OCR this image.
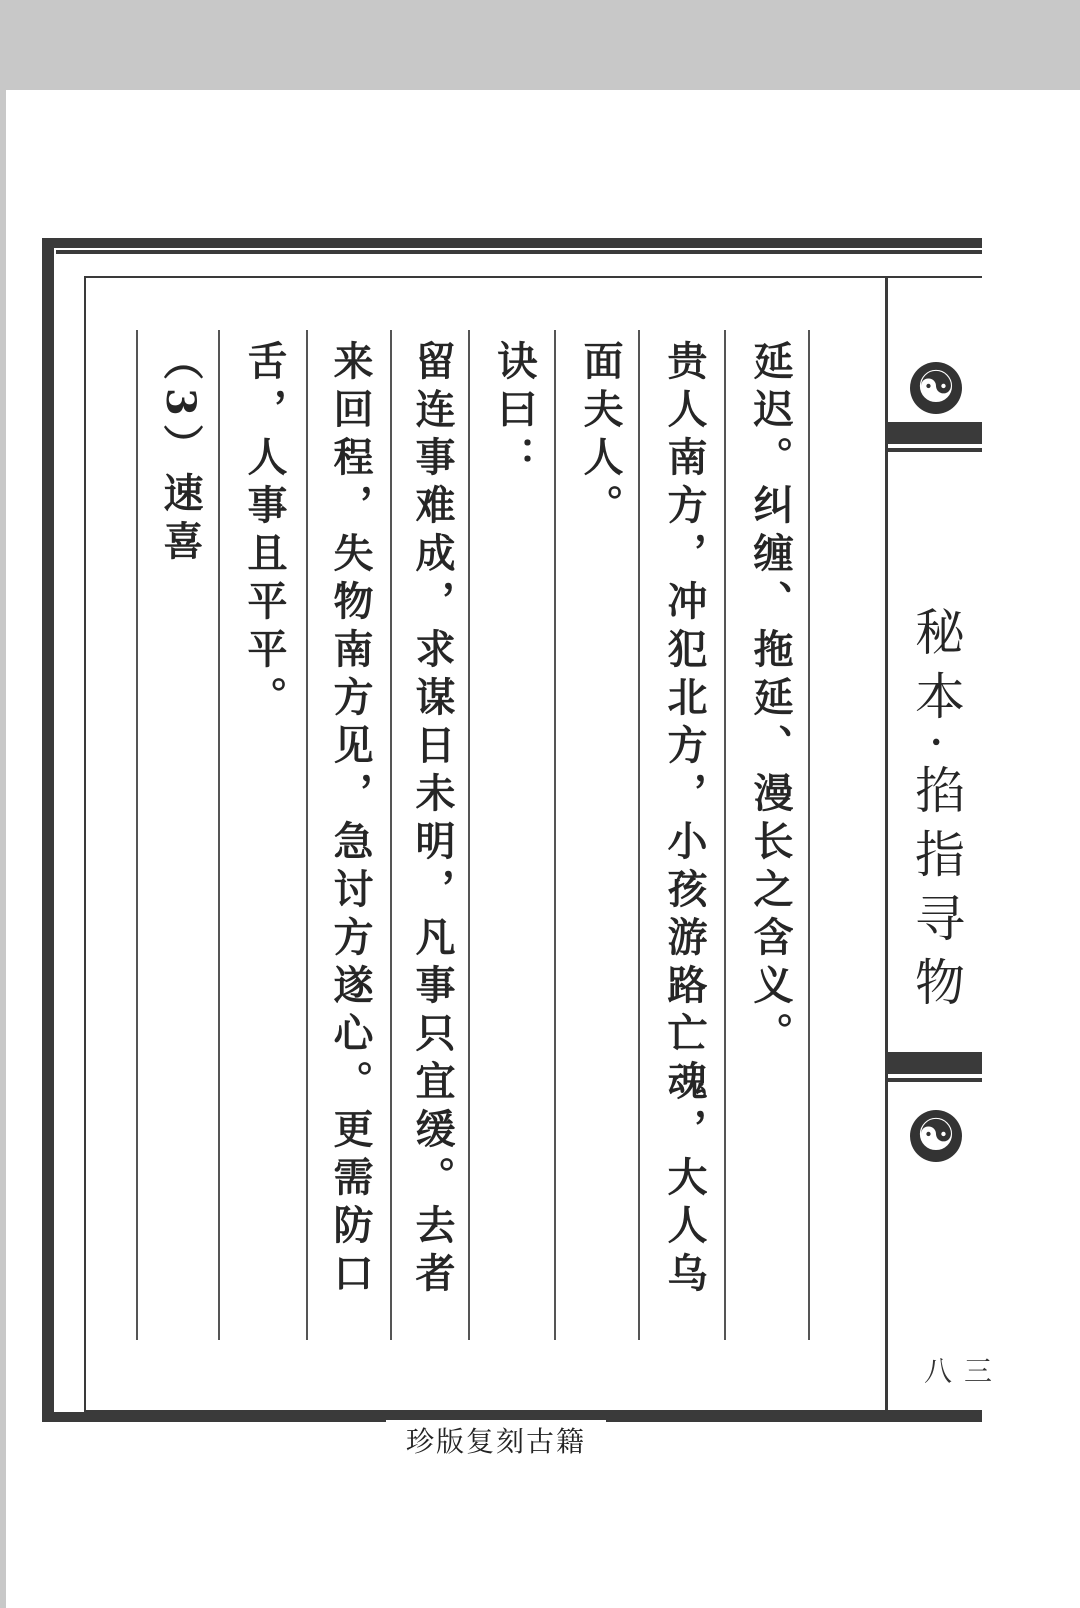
延迟。纠缠、拖延、漫长之含义。
贵人南方，冲犯北方，小孩游路亡魂，大人乌
面夫人。
诀曰：
留连事难成，求谋日未明，凡事只宜缓。去者
来回程，失物南方见，急讨方遂心。更需防口
舌，人事且平平。
（3）速喜	☯
秘本·掐指寻物
☯
三八
珍版复刻古籍
